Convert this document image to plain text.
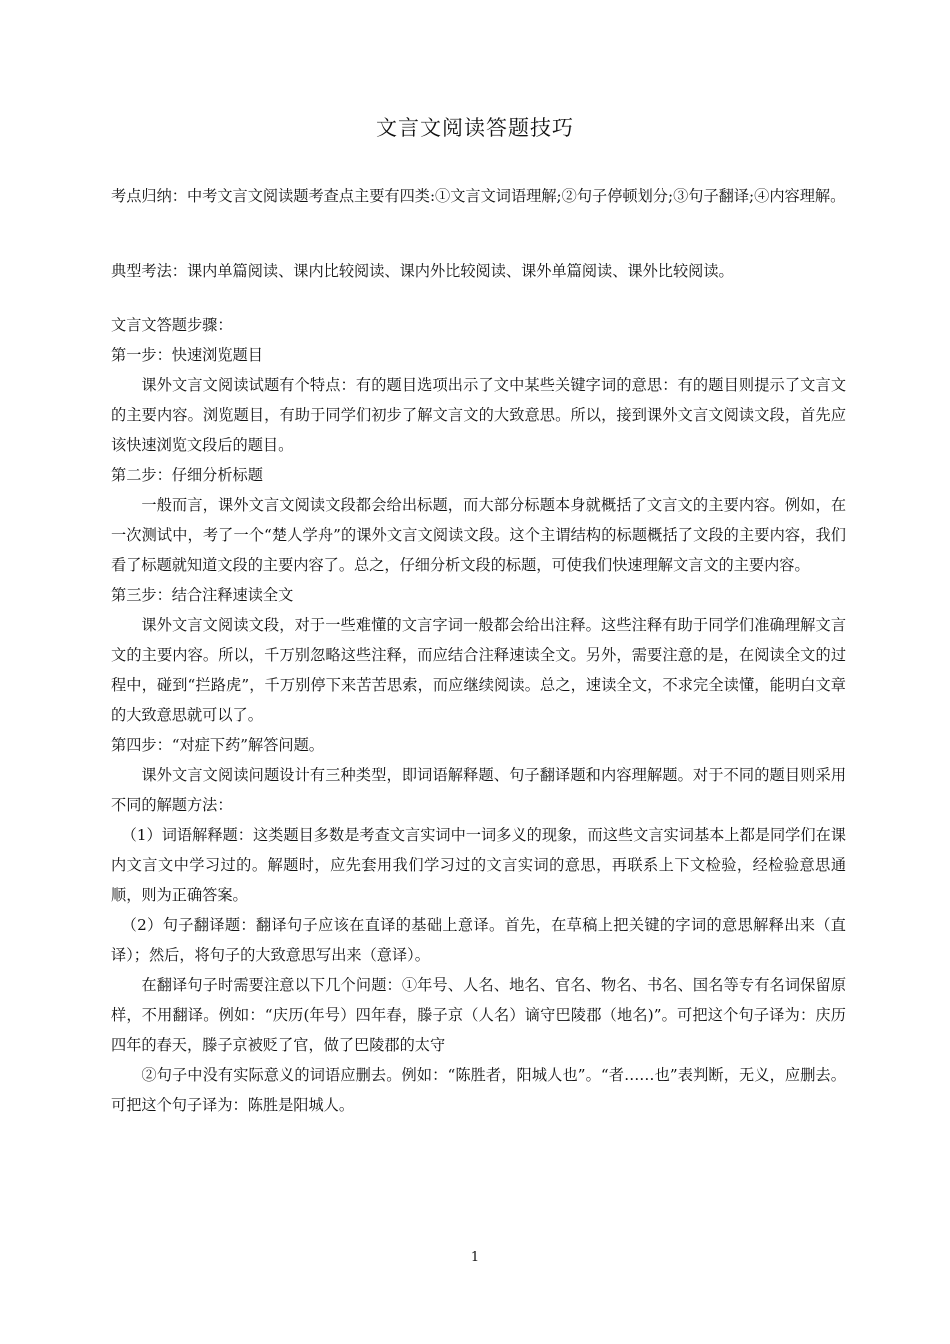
文言文阅读答题技巧

考点归纳：中考文言文阅读题考查点主要有四类:①文言文词语理解;②句子停顿划分;③句子翻译;④内容理解。

典型考法：课内单篇阅读、课内比较阅读、课内外比较阅读、课外单篇阅读、课外比较阅读。

文言文答题步骤：

第一步：快速浏览题目

课外文言文阅读试题有个特点：有的题目选项出示了文中某些关键字词的意思：有的题目则提示了文言文的主要内容。浏览题目，有助于同学们初步了解文言文的大致意思。所以，接到课外文言文阅读文段，首先应该快速浏览文段后的题目。

第二步：仔细分析标题

一般而言，课外文言文阅读文段都会给出标题，而大部分标题本身就概括了文言文的主要内容。例如，在一次测试中，考了一个“楚人学舟”的课外文言文阅读文段。这个主谓结构的标题概括了文段的主要内容，我们看了标题就知道文段的主要内容了。总之，仔细分析文段的标题，可使我们快速理解文言文的主要内容。

第三步：结合注释速读全文

课外文言文阅读文段，对于一些难懂的文言字词一般都会给出注释。这些注释有助于同学们准确理解文言文的主要内容。所以，千万别忽略这些注释，而应结合注释速读全文。另外，需要注意的是，在阅读全文的过程中，碰到“拦路虎”，千万别停下来苦苦思索，而应继续阅读。总之，速读全文，不求完全读懂，能明白文章的大致意思就可以了。

第四步：“对症下药”解答问题。

课外文言文阅读问题设计有三种类型，即词语解释题、句子翻译题和内容理解题。对于不同的题目则采用不同的解题方法：

（1）词语解释题：这类题目多数是考查文言实词中一词多义的现象，而这些文言实词基本上都是同学们在课内文言文中学习过的。解题时，应先套用我们学习过的文言实词的意思，再联系上下文检验，经检验意思通顺，则为正确答案。

（2）句子翻译题：翻译句子应该在直译的基础上意译。首先，在草稿上把关键的字词的意思解释出来（直译）；然后，将句子的大致意思写出来（意译）。

在翻译句子时需要注意以下几个问题：①年号、人名、地名、官名、物名、书名、国名等专有名词保留原样，不用翻译。例如：“庆历(年号）四年春，滕子京（人名）谪守巴陵郡（地名)”。可把这个句子译为：庆历四年的春天，滕子京被贬了官，做了巴陵郡的太守

②句子中没有实际意义的词语应删去。例如：“陈胜者，阳城人也”。“者……也”表判断，无义，应删去。可把这个句子译为：陈胜是阳城人。

1
